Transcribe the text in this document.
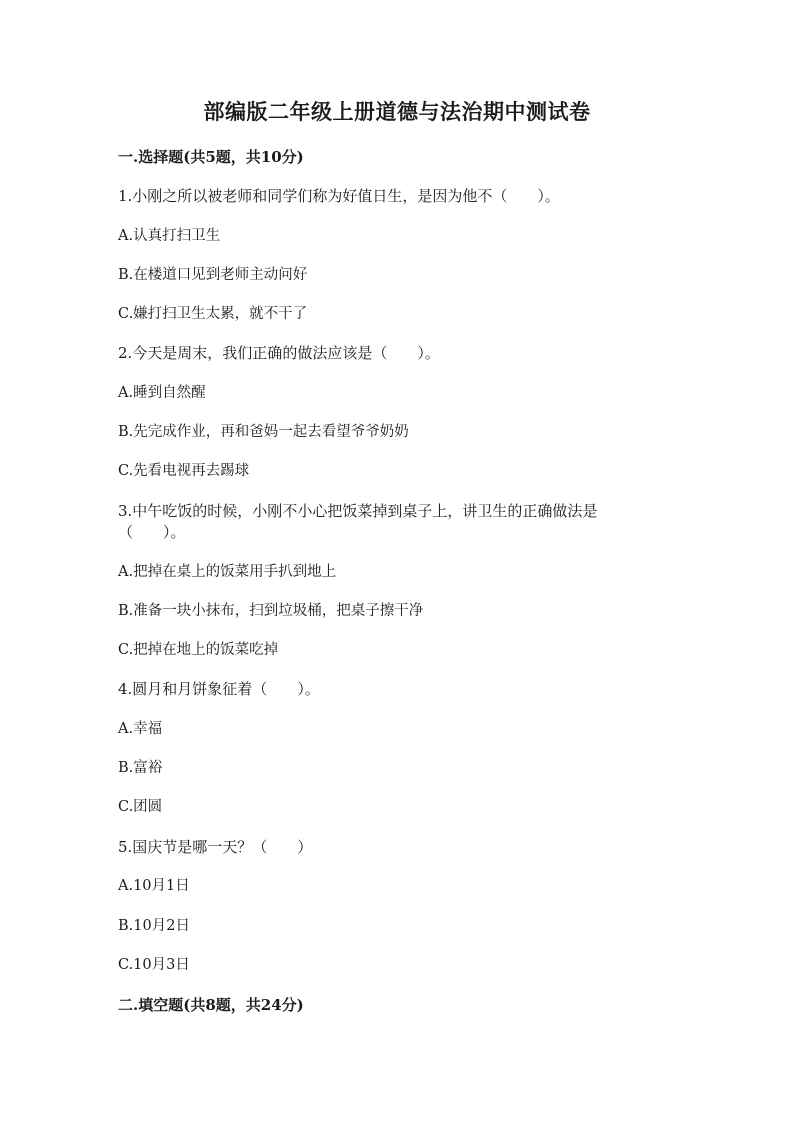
部编版二年级上册道德与法治期中测试卷
一.选择题(共5题，共10分)
1.小刚之所以被老师和同学们称为好值日生，是因为他不（　　）。
A.认真打扫卫生
B.在楼道口见到老师主动问好
C.嫌打扫卫生太累，就不干了
2.今天是周末，我们正确的做法应该是（　　）。
A.睡到自然醒
B.先完成作业，再和爸妈一起去看望爷爷奶奶
C.先看电视再去踢球
3.中午吃饭的时候，小刚不小心把饭菜掉到桌子上，讲卫生的正确做法是
（　　）。
A.把掉在桌上的饭菜用手扒到地上
B.准备一块小抹布，扫到垃圾桶，把桌子擦干净
C.把掉在地上的饭菜吃掉
4.圆月和月饼象征着（　　）。
A.幸福
B.富裕
C.团圆
5.国庆节是哪一天？（　　）
A.10月1日
B.10月2日
C.10月3日
二.填空题(共8题，共24分)
